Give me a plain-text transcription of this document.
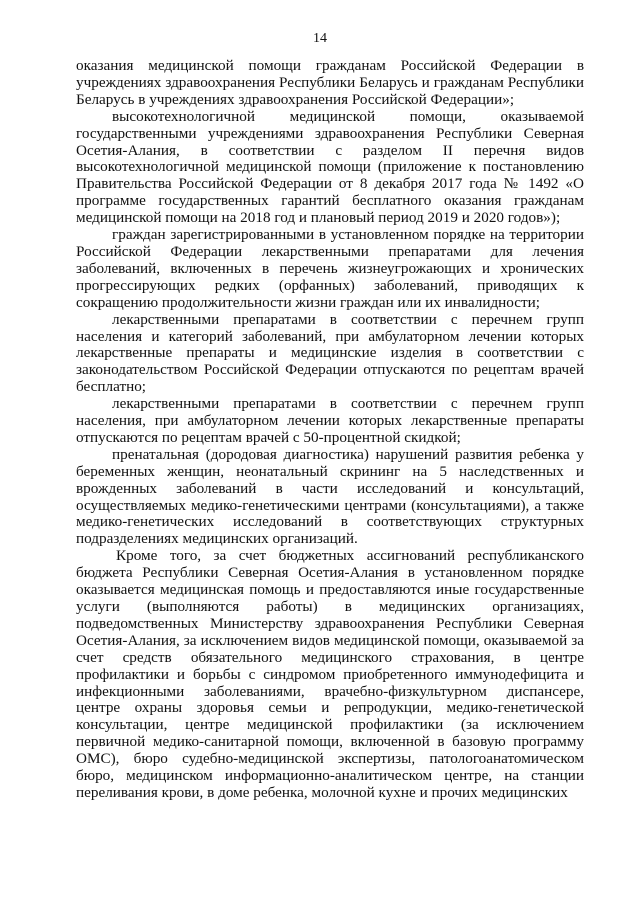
14

оказания медицинской помощи гражданам Российской Федерации в учреждениях здравоохранения Республики Беларусь и гражданам Республики Беларусь в учреждениях здравоохранения Российской Федерации»;

высокотехнологичной медицинской помощи, оказываемой государственными учреждениями здравоохранения Республики Северная Осетия-Алания, в соответствии с разделом II перечня видов высокотехнологичной медицинской помощи (приложение к постановлению Правительства Российской Федерации от 8 декабря 2017 года № 1492 «О программе государственных гарантий бесплатного оказания гражданам медицинской помощи на 2018 год и плановый период 2019 и 2020 годов»);

граждан зарегистрированными в установленном порядке на территории Российской Федерации лекарственными препаратами для лечения заболеваний, включенных в перечень жизнеугрожающих и хронических прогрессирующих редких (орфанных) заболеваний, приводящих к сокращению продолжительности жизни граждан или их инвалидности;

лекарственными препаратами в соответствии с перечнем групп населения и категорий заболеваний, при амбулаторном лечении которых лекарственные препараты и медицинские изделия в соответствии с законодательством Российской Федерации отпускаются по рецептам врачей бесплатно;

лекарственными препаратами в соответствии с перечнем групп населения, при амбулаторном лечении которых лекарственные препараты отпускаются по рецептам врачей с 50-процентной скидкой;

пренатальная (дородовая диагностика) нарушений развития ребенка у беременных женщин, неонатальный скрининг на 5 наследственных и врожденных заболеваний в части исследований и консультаций, осуществляемых медико-генетическими центрами (консультациями), а также медико-генетических исследований в соответствующих структурных подразделениях медицинских организаций.

Кроме того, за счет бюджетных ассигнований республиканского бюджета Республики Северная Осетия-Алания в установленном порядке оказывается медицинская помощь и предоставляются иные государственные услуги (выполняются работы) в медицинских организациях, подведомственных Министерству здравоохранения Республики Северная Осетия-Алания, за исключением видов медицинской помощи, оказываемой за счет средств обязательного медицинского страхования, в центре профилактики и борьбы с синдромом приобретенного иммунодефицита и инфекционными заболеваниями, врачебно-физкультурном диспансере, центре охраны здоровья семьи и репродукции, медико-генетической консультации, центре медицинской профилактики (за исключением первичной медико-санитарной помощи, включенной в базовую программу ОМС), бюро судебно-медицинской экспертизы, патологоанатомическом бюро, медицинском информационно-аналитическом центре, на станции переливания крови, в доме ребенка, молочной кухне и прочих медицинских
